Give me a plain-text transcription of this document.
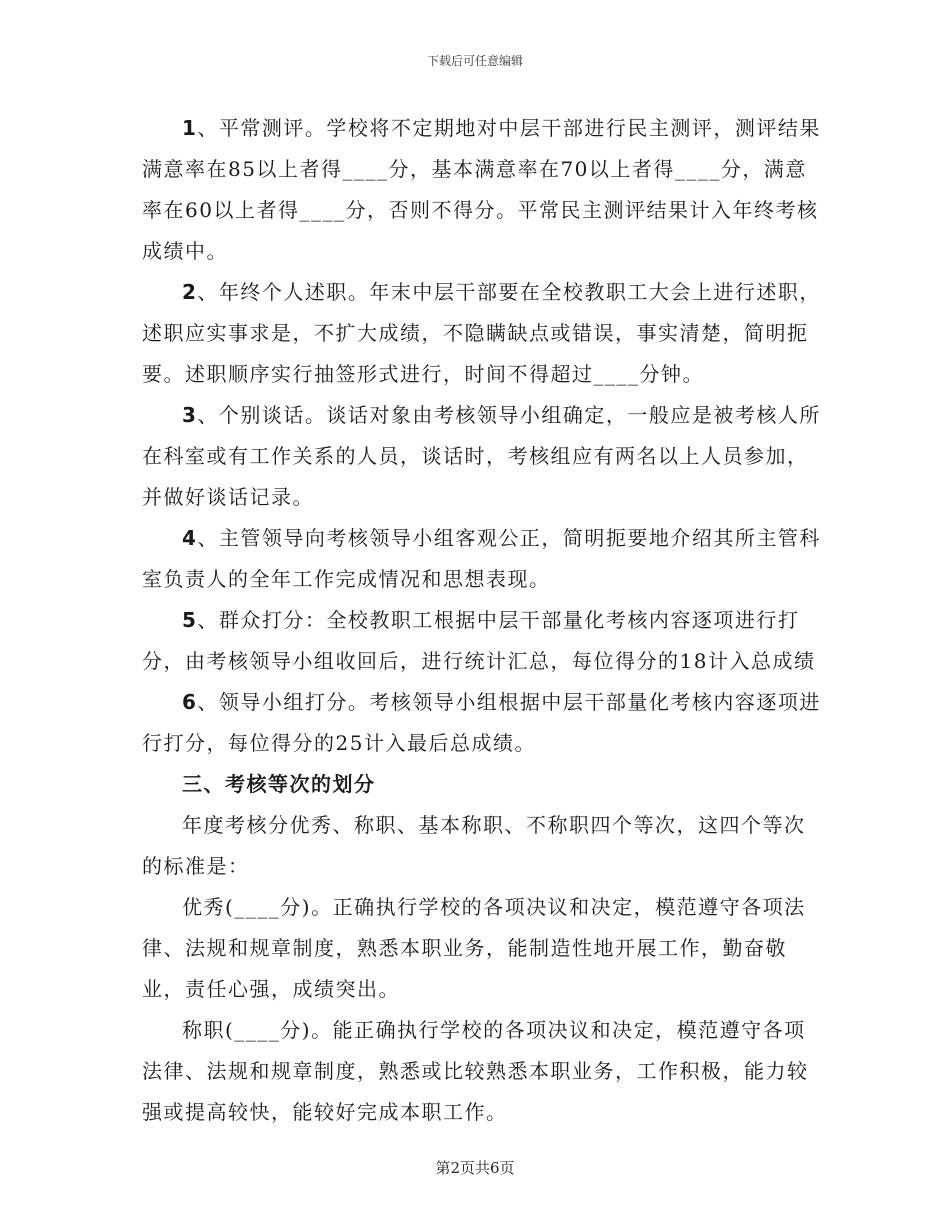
下载后可任意编辑

1、平常测评。学校将不定期地对中层干部进行民主测评，测评结果满意率在85以上者得____分，基本满意率在70以上者得____分，满意率在60以上者得____分，否则不得分。平常民主测评结果计入年终考核成绩中。

2、年终个人述职。年末中层干部要在全校教职工大会上进行述职，述职应实事求是，不扩大成绩，不隐瞒缺点或错误，事实清楚，简明扼要。述职顺序实行抽签形式进行，时间不得超过____分钟。

3、个别谈话。谈话对象由考核领导小组确定，一般应是被考核人所在科室或有工作关系的人员，谈话时，考核组应有两名以上人员参加，并做好谈话记录。

4、主管领导向考核领导小组客观公正，简明扼要地介绍其所主管科室负责人的全年工作完成情况和思想表现。

5、群众打分：全校教职工根据中层干部量化考核内容逐项进行打分，由考核领导小组收回后，进行统计汇总，每位得分的18计入总成绩

6、领导小组打分。考核领导小组根据中层干部量化考核内容逐项进行打分，每位得分的25计入最后总成绩。

三、考核等次的划分

年度考核分优秀、称职、基本称职、不称职四个等次，这四个等次的标准是：

优秀(____分)。正确执行学校的各项决议和决定，模范遵守各项法律、法规和规章制度，熟悉本职业务，能制造性地开展工作，勤奋敬业，责任心强，成绩突出。

称职(____分)。能正确执行学校的各项决议和决定，模范遵守各项法律、法规和规章制度，熟悉或比较熟悉本职业务，工作积极，能力较强或提高较快，能较好完成本职工作。

第2页共6页
